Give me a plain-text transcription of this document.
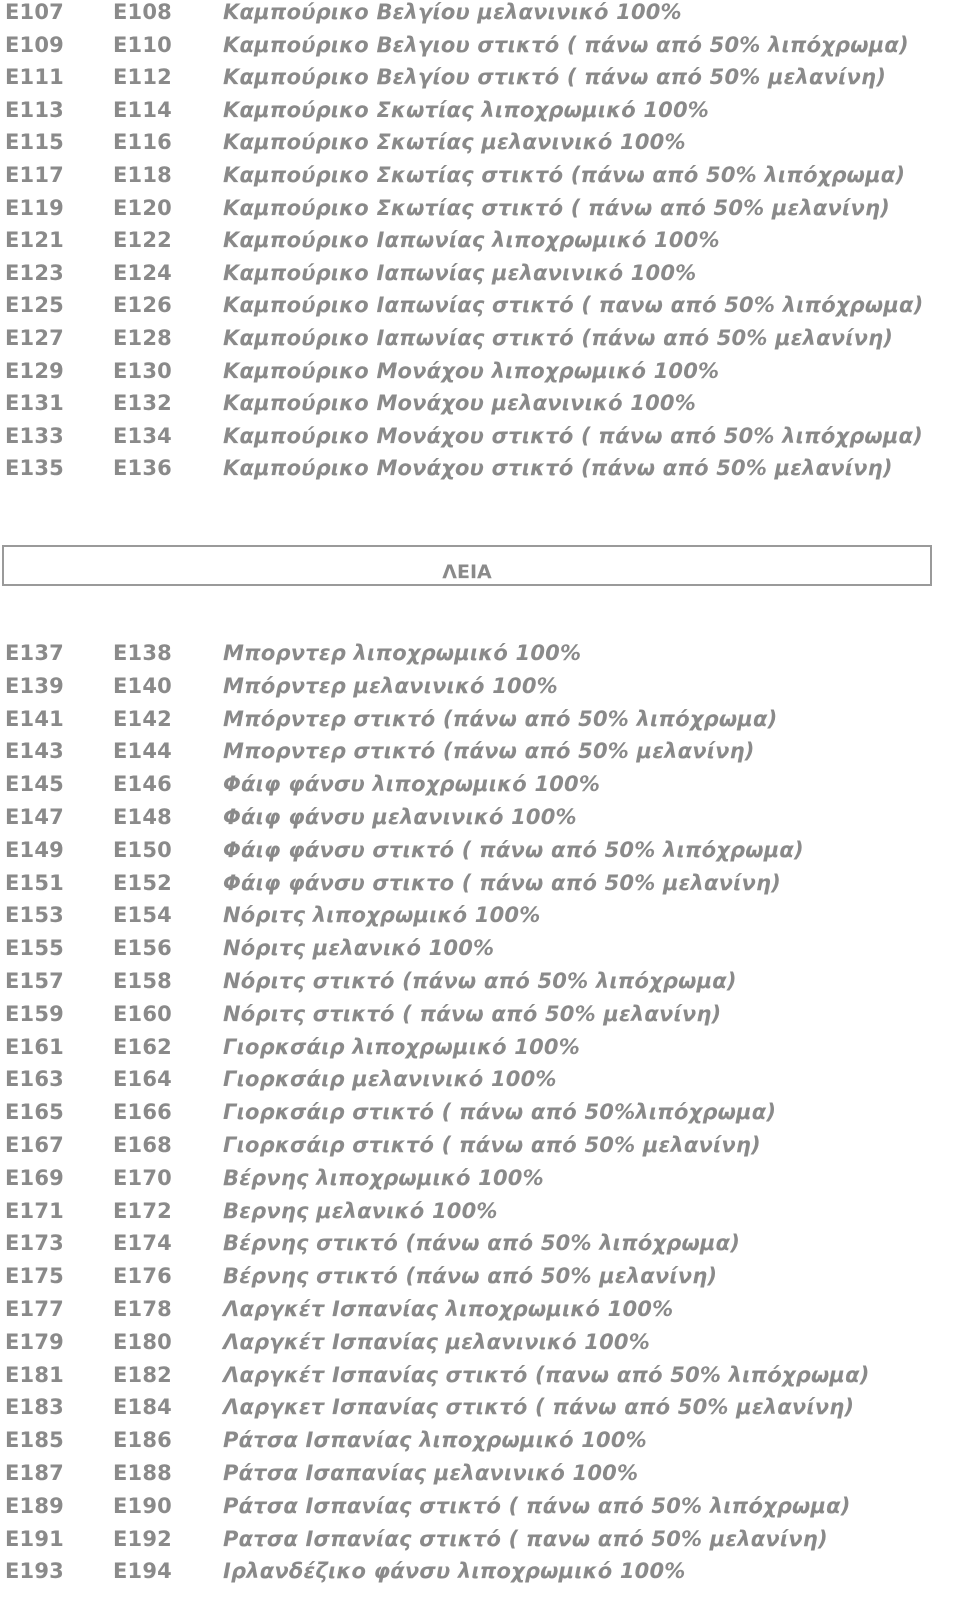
E107 E108 Καμπούρικο Βελγίου μελανινικό 100%
E109 E110 Καμπούρικο Βελγιου στικτό ( πάνω από 50% λιπόχρωμα)
E111 E112 Καμπούρικο Βελγίου στικτό ( πάνω από 50% μελανίνη)
E113 E114 Καμπούρικο Σκωτίας λιποχρωμικό 100%
E115 E116 Καμπούρικο Σκωτίας μελανινικό 100%
E117 E118 Καμπούρικο Σκωτίας στικτό (πάνω από 50% λιπόχρωμα)
E119 E120 Καμπούρικο Σκωτίας στικτό ( πάνω από 50% μελανίνη)
E121 E122 Καμπούρικο Ιαπωνίας λιποχρωμικό 100%
E123 E124 Καμπούρικο Ιαπωνίας μελανινικό 100%
E125 E126 Καμπούρικο Ιαπωνίας στικτό ( πανω από 50% λιπόχρωμα)
E127 E128 Καμπούρικο Ιαπωνίας στικτό (πάνω από 50% μελανίνη)
E129 E130 Καμπούρικο Μονάχου λιποχρωμικό 100%
E131 E132 Καμπούρικο Μονάχου μελανινικό 100%
E133 E134 Καμπούρικο Μονάχου στικτό ( πάνω από 50% λιπόχρωμα)
E135 E136 Καμπούρικο Μονάχου στικτό (πάνω από 50% μελανίνη)
ΛΕΙΑ
E137 E138 Μπορντερ λιποχρωμικό 100%
E139 E140 Μπόρντερ μελανινικό 100%
E141 E142 Μπόρντερ στικτό (πάνω από 50% λιπόχρωμα)
E143 E144 Μπορντερ στικτό (πάνω από 50% μελανίνη)
E145 E146 Φάιφ φάνσυ λιποχρωμικό 100%
E147 E148 Φάιφ φάνσυ μελανινικό 100%
E149 E150 Φάιφ φάνσυ στικτό ( πάνω από 50% λιπόχρωμα)
E151 E152 Φάιφ φάνσυ στικτο ( πάνω από 50% μελανίνη)
E153 E154 Νόριτς λιποχρωμικό 100%
E155 E156 Νόριτς μελανικό 100%
E157 E158 Νόριτς στικτό (πάνω από 50% λιπόχρωμα)
E159 E160 Νόριτς στικτό ( πάνω από 50% μελανίνη)
E161 E162 Γιορκσάιρ λιποχρωμικό 100%
E163 E164 Γιορκσάιρ μελανινικό 100%
E165 E166 Γιορκσάιρ στικτό ( πάνω από 50%λιπόχρωμα)
E167 E168 Γιορκσάιρ στικτό ( πάνω από 50% μελανίνη)
E169 E170 Βέρνης λιποχρωμικό 100%
E171 E172 Βερνης μελανικό 100%
E173 E174 Βέρνης στικτό (πάνω από 50% λιπόχρωμα)
E175 E176 Βέρνης στικτό (πάνω από 50% μελανίνη)
E177 E178 Λαργκέτ Ισπανίας λιποχρωμικό 100%
E179 E180 Λαργκέτ Ισπανίας μελανινικό 100%
E181 E182 Λαργκέτ Ισπανίας στικτό (πανω από 50% λιπόχρωμα)
E183 E184 Λαργκετ Ισπανίας στικτό ( πάνω από 50% μελανίνη)
E185 E186 Ράτσα Ισπανίας λιποχρωμικό 100%
E187 E188 Ράτσα Ισαπανίας μελανινικό 100%
E189 E190 Ράτσα Ισπανίας στικτό ( πάνω από 50% λιπόχρωμα)
E191 E192 Ρατσα Ισπανίας στικτό ( πανω από 50% μελανίνη)
E193 E194 Ιρλανδέζικο φάνσυ λιποχρωμικό 100%
